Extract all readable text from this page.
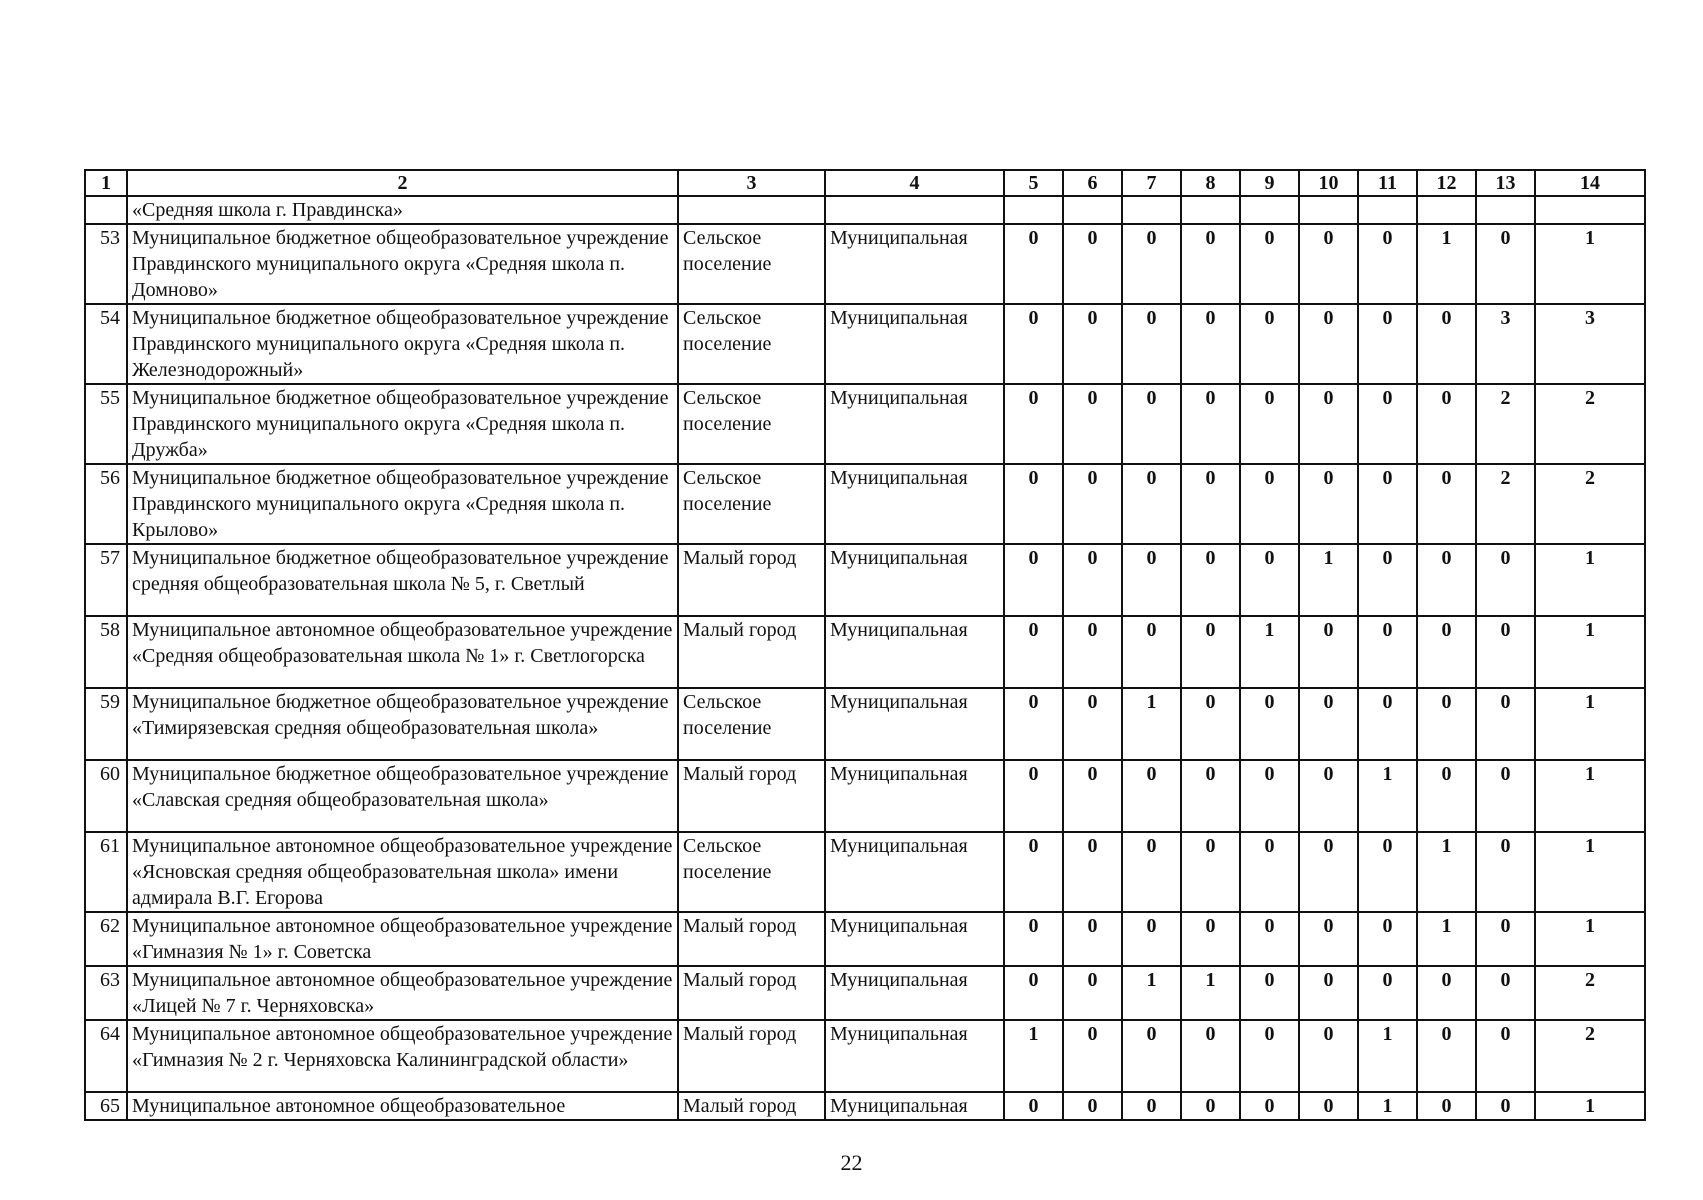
1	2	3	4	5	6	7	8	9	10	11	12	13	14
	«Средняя школа г. Правдинска»												
53	Муниципальное бюджетное общеобразовательное учреждение Правдинского муниципального округа «Средняя школа п. Домново»	Сельское поселение	Муниципальная	0	0	0	0	0	0	0	1	0	1
54	Муниципальное бюджетное общеобразовательное учреждение Правдинского муниципального округа «Средняя школа п. Железнодорожный»	Сельское поселение	Муниципальная	0	0	0	0	0	0	0	0	3	3
55	Муниципальное бюджетное общеобразовательное учреждение Правдинского муниципального округа «Средняя школа п. Дружба»	Сельское поселение	Муниципальная	0	0	0	0	0	0	0	0	2	2
56	Муниципальное бюджетное общеобразовательное учреждение Правдинского муниципального округа «Средняя школа п. Крылово»	Сельское поселение	Муниципальная	0	0	0	0	0	0	0	0	2	2
57	Муниципальное бюджетное общеобразовательное учреждение средняя общеобразовательная школа № 5, г. Светлый	Малый город	Муниципальная	0	0	0	0	0	1	0	0	0	1
58	Муниципальное автономное общеобразовательное учреждение «Средняя общеобразовательная школа № 1» г. Светлогорска	Малый город	Муниципальная	0	0	0	0	1	0	0	0	0	1
59	Муниципальное бюджетное общеобразовательное учреждение «Тимирязевская средняя общеобразовательная школа»	Сельское поселение	Муниципальная	0	0	1	0	0	0	0	0	0	1
60	Муниципальное бюджетное общеобразовательное учреждение «Славская средняя общеобразовательная школа»	Малый город	Муниципальная	0	0	0	0	0	0	1	0	0	1
61	Муниципальное автономное общеобразовательное учреждение «Ясновская средняя общеобразовательная школа» имени адмирала В.Г. Егорова	Сельское поселение	Муниципальная	0	0	0	0	0	0	0	1	0	1
62	Муниципальное автономное общеобразовательное учреждение «Гимназия № 1» г. Советска	Малый город	Муниципальная	0	0	0	0	0	0	0	1	0	1
63	Муниципальное автономное общеобразовательное учреждение «Лицей № 7 г. Черняховска»	Малый город	Муниципальная	0	0	1	1	0	0	0	0	0	2
64	Муниципальное автономное общеобразовательное учреждение «Гимназия № 2 г. Черняховска Калининградской области»	Малый город	Муниципальная	1	0	0	0	0	0	1	0	0	2
65	Муниципальное автономное общеобразовательное	Малый город	Муниципальная	0	0	0	0	0	0	1	0	0	1
22
